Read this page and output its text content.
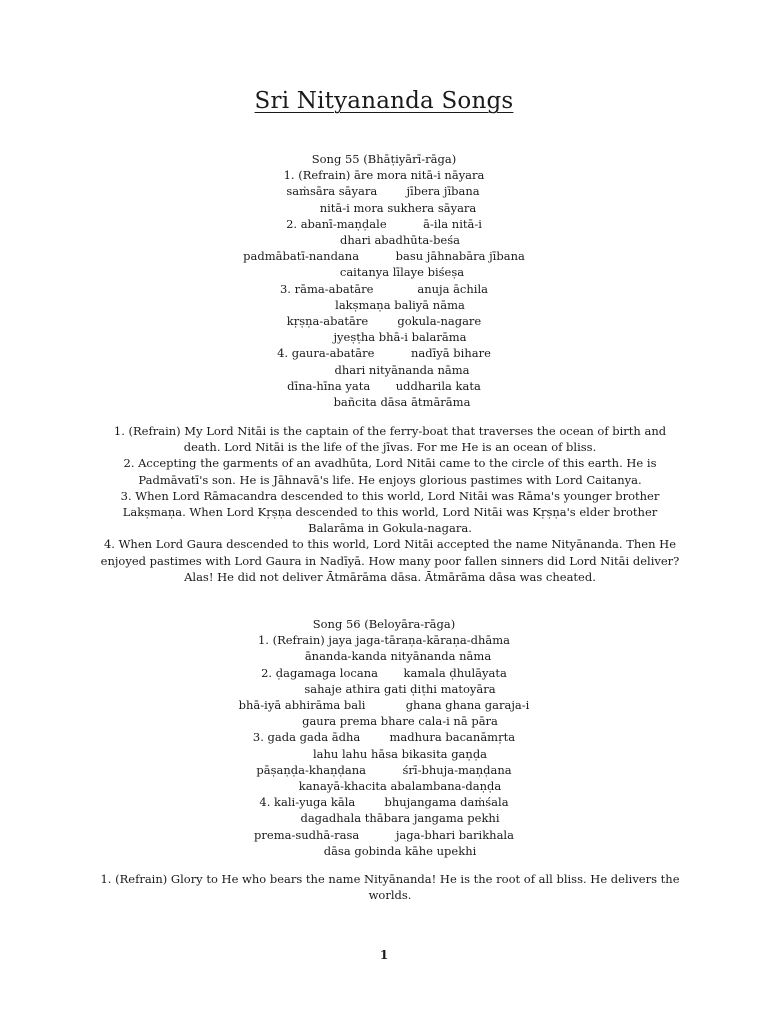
Sri Nityananda Songs
Song 55 (Bhāṭiyārī-rāga)
1. (Refrain) āre mora nitā-i nāyara
saṁsāra sāyara        jībera jībana
nitā-i mora sukhera sāyara
2. abanī-maṇḍale          ā-ila nitā-i
dhari abadhūta-beśa
padmābatī-nandana          basu jāhnabāra jībana
caitanya līlaye biśeṣa
3. rāma-abatāre            anuja āchila
lakṣmaṇa baliyā nāma
kṛṣṇa-abatāre        gokula-nagare
jyeṣṭha bhā-i balarāma
4. gaura-abatāre          nadīyā bihare
dhari nityānanda nāma
dīna-hīna yata       uddharila kata
bañcita dāsa ātmārāma

1. (Refrain) My Lord Nitāi is the captain of the ferry-boat that traverses the ocean of birth and death. Lord Nitāi is the life of the jīvas. For me He is an ocean of bliss.

2. Accepting the garments of an avadhūta, Lord Nitāi came to the circle of this earth. He is Padmāvatī's son. He is Jāhnavā's life. He enjoys glorious pastimes with Lord Caitanya.

3. When Lord Rāmacandra descended to this world, Lord Nitāi was Rāma's younger brother Lakṣmaṇa. When Lord Kṛṣṇa descended to this world, Lord Nitāi was Kṛṣṇa's elder brother Balarāma in Gokula-nagara.

4. When Lord Gaura descended to this world, Lord Nitāi accepted the name Nityānanda. Then He enjoyed pastimes with Lord Gaura in Nadīyā. How many poor fallen sinners did Lord Nitāi deliver? Alas! He did not deliver Ātmārāma dāsa. Ātmārāma dāsa was cheated.

Song 56 (Beloyāra-rāga)
1. (Refrain) jaya jaga-tāraṇa-kāraṇa-dhāma
ānanda-kanda nityānanda nāma
2. ḍagamaga locana       kamala ḍhulāyata
sahaje athira gati ḍiṭhi matoyāra
bhā-iyā abhirāma bali           ghana ghana garaja-i
gaura prema bhare cala-i nā pāra
3. gada gada ādha        madhura bacanāmṛta
lahu lahu hāsa bikasita gaṇḍa
pāṣaṇḍa-khaṇḍana          śrī-bhuja-maṇḍana
kanayā-khacita abalambana-daṇḍa
4. kali-yuga kāla        bhujangama daṁśala
dagadhala thābara jangama pekhi
prema-sudhā-rasa          jaga-bhari barikhala
dāsa gobinda kāhe upekhi

1. (Refrain) Glory to He who bears the name Nityānanda! He is the root of all bliss. He delivers the worlds.

1
